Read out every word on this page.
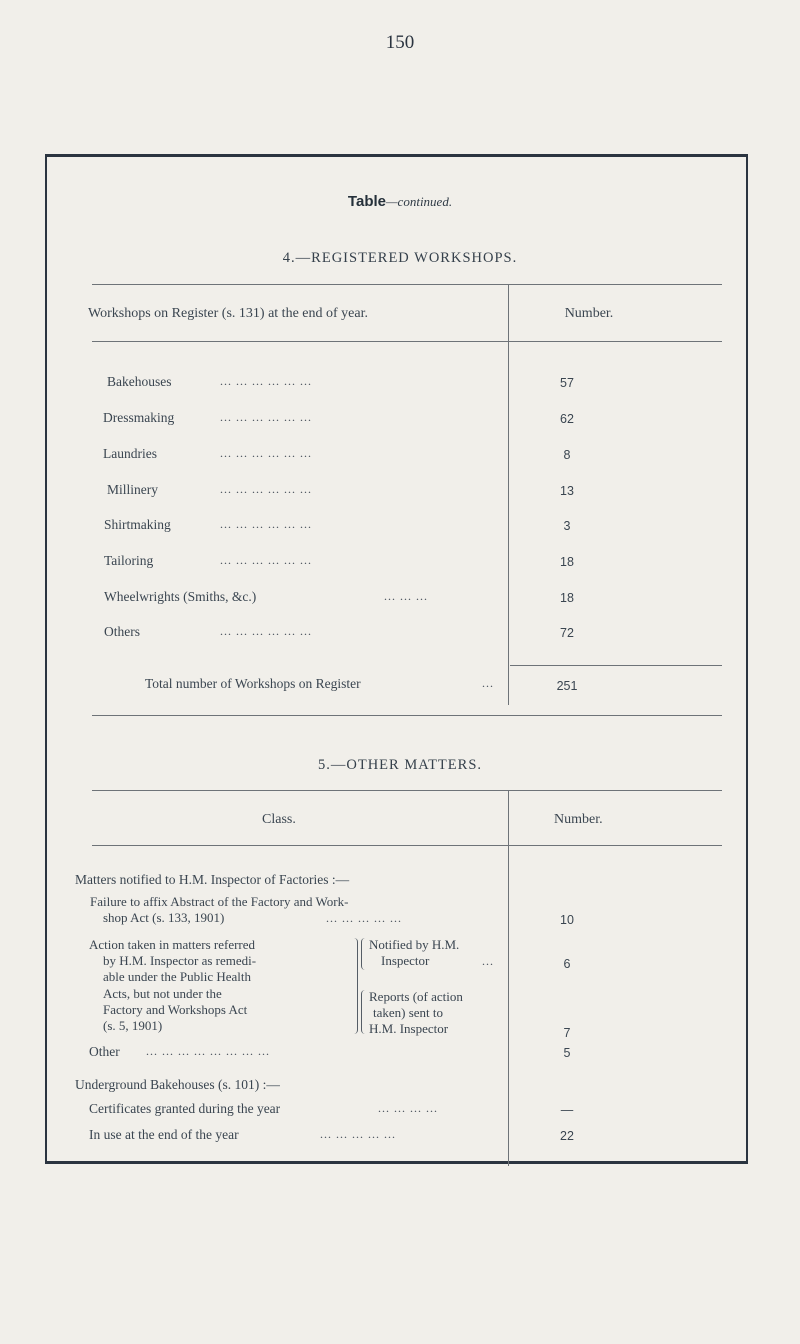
150
Table—continued.
4.—REGISTERED WORKSHOPS.
Workshops on Register (s. 131) at the end of year.	Number.
Bakehouses	... ... ... ... ... ...	57
Dressmaking	... ... ... ... ... ...	62
Laundries	... ... ... ... ... ...	8
Millinery	... ... ... ... ... ...	13
Shirtmaking	... ... ... ... ... ...	3
Tailoring	... ... ... ... ... ...	18
Wheelwrights (Smiths, &c.)	... ... ...	18
Others	... ... ... ... ... ...	72
Total number of Workshops on Register	...	251
5.—OTHER MATTERS.
Class.	Number.
Matters notified to H.M. Inspector of Factories :—
Failure to affix Abstract of the Factory and Work-
shop Act (s. 133, 1901)	... ... ... ... ...	10
Action taken in matters referred
by H.M. Inspector as remedi-
able under the Public Health
Acts, but not under the
Factory and Workshops Act
(s. 5, 1901)
Notified by H.M.
Inspector	...	6
Reports (of action
taken) sent to
H.M. Inspector	7
Other ... ... ... ... ... ... ... ...	5
Underground Bakehouses (s. 101) :—
Certificates granted during the year	... ... ... ...	—
In use at the end of the year	... ... ... ... ...	22
